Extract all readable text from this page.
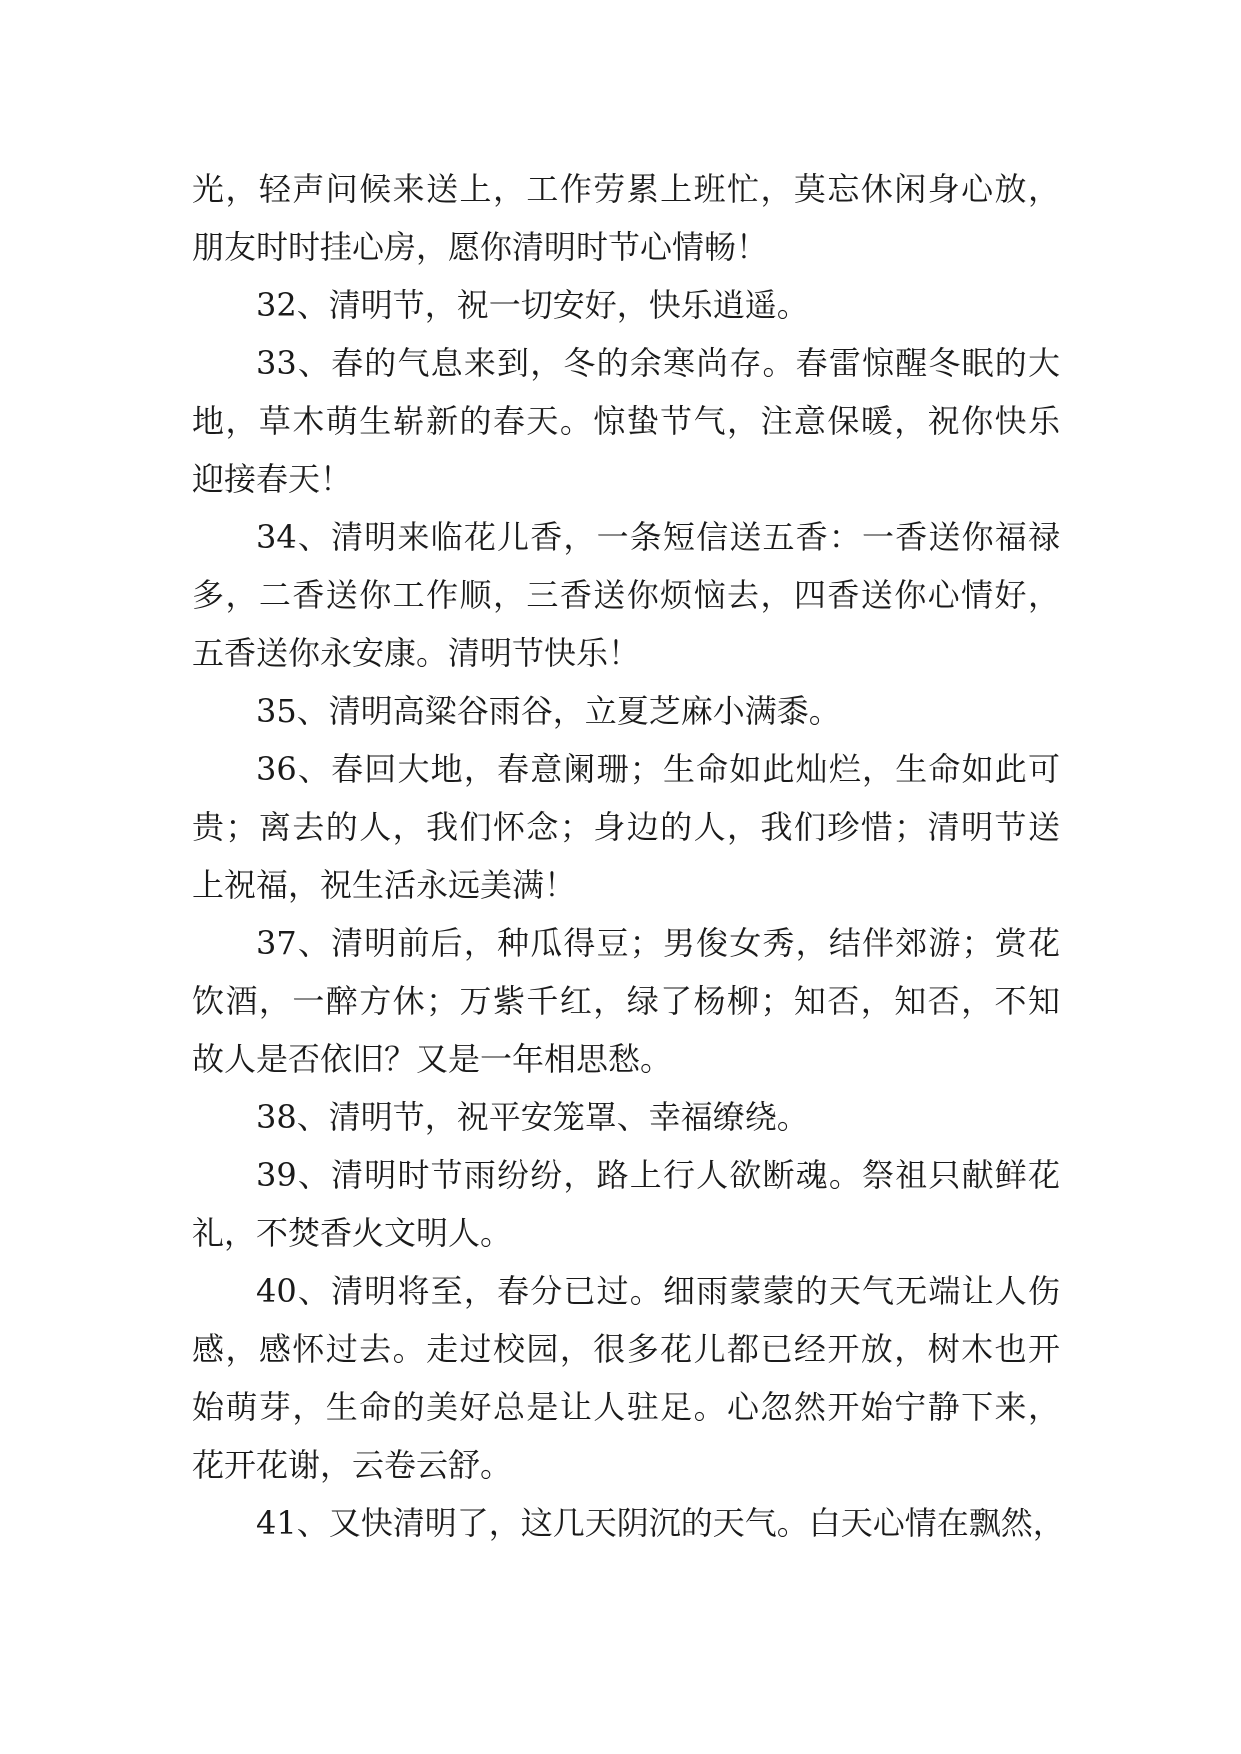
光，轻声问候来送上，工作劳累上班忙，莫忘休闲身心放，
朋友时时挂心房，愿你清明时节心情畅！
32、清明节，祝一切安好，快乐逍遥。
33、春的气息来到，冬的余寒尚存。春雷惊醒冬眠的大
地，草木萌生崭新的春天。惊蛰节气，注意保暖，祝你快乐
迎接春天！
34、清明来临花儿香，一条短信送五香：一香送你福禄
多，二香送你工作顺，三香送你烦恼去，四香送你心情好，
五香送你永安康。清明节快乐！
35、清明高粱谷雨谷，立夏芝麻小满黍。
36、春回大地，春意阑珊；生命如此灿烂，生命如此可
贵；离去的人，我们怀念；身边的人，我们珍惜；清明节送
上祝福，祝生活永远美满！
37、清明前后，种瓜得豆；男俊女秀，结伴郊游；赏花
饮酒，一醉方休；万紫千红，绿了杨柳；知否，知否，不知
故人是否依旧？又是一年相思愁。
38、清明节，祝平安笼罩、幸福缭绕。
39、清明时节雨纷纷，路上行人欲断魂。祭祖只献鲜花
礼，不焚香火文明人。
40、清明将至，春分已过。细雨蒙蒙的天气无端让人伤
感，感怀过去。走过校园，很多花儿都已经开放，树木也开
始萌芽，生命的美好总是让人驻足。心忽然开始宁静下来，
花开花谢，云卷云舒。
41、又快清明了，这几天阴沉的天气。白天心情在飘然，
